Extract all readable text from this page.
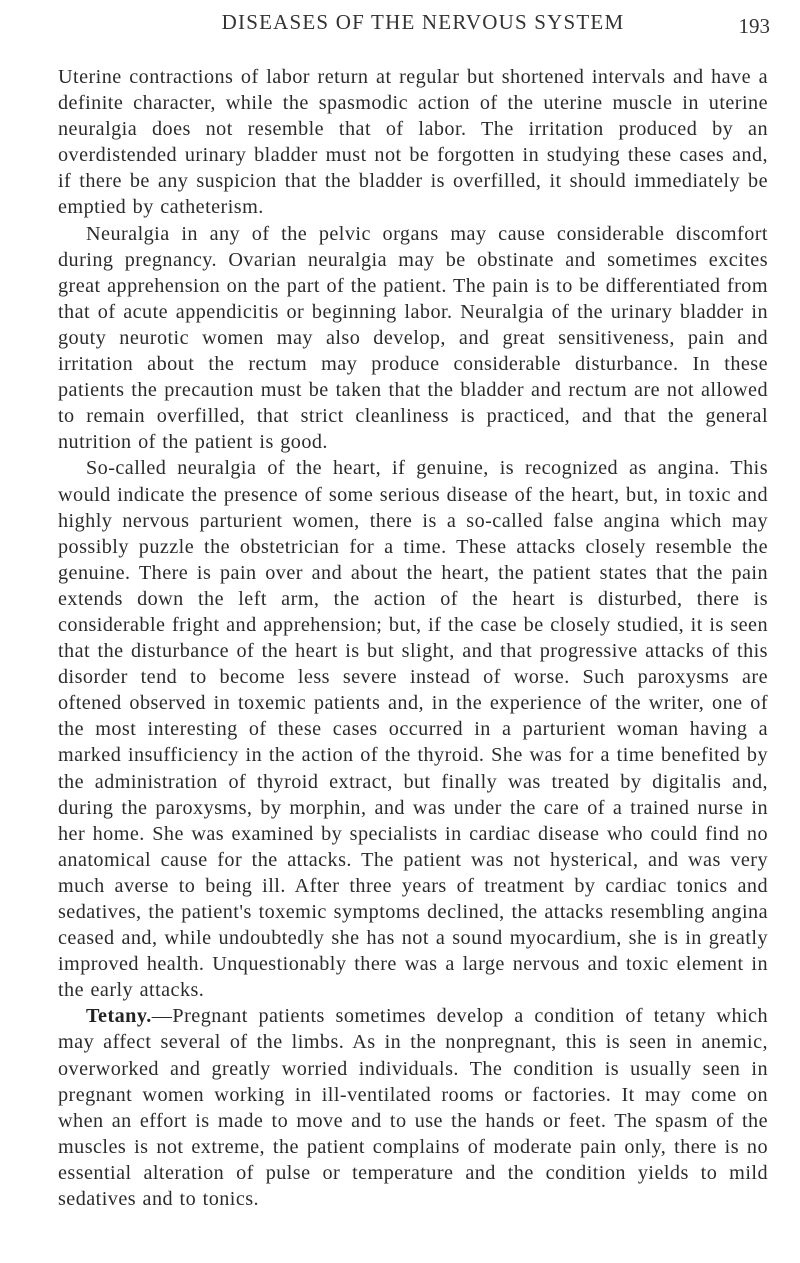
DISEASES OF THE NERVOUS SYSTEM	193

Uterine contractions of labor return at regular but shortened intervals and have a definite character, while the spasmodic action of the uterine muscle in uterine neuralgia does not resemble that of labor. The irritation produced by an overdistended urinary bladder must not be forgotten in studying these cases and, if there be any suspicion that the bladder is overfilled, it should immediately be emptied by catheterism.

Neuralgia in any of the pelvic organs may cause considerable discomfort during pregnancy. Ovarian neuralgia may be obstinate and sometimes excites great apprehension on the part of the patient. The pain is to be differentiated from that of acute appendicitis or beginning labor. Neuralgia of the urinary bladder in gouty neurotic women may also develop, and great sensitiveness, pain and irritation about the rectum may produce considerable disturbance. In these patients the precaution must be taken that the bladder and rectum are not allowed to remain overfilled, that strict cleanliness is practiced, and that the general nutrition of the patient is good.

So-called neuralgia of the heart, if genuine, is recognized as angina. This would indicate the presence of some serious disease of the heart, but, in toxic and highly nervous parturient women, there is a so-called false angina which may possibly puzzle the obstetrician for a time. These attacks closely resemble the genuine. There is pain over and about the heart, the patient states that the pain extends down the left arm, the action of the heart is disturbed, there is considerable fright and apprehension; but, if the case be closely studied, it is seen that the disturbance of the heart is but slight, and that progressive attacks of this disorder tend to become less severe instead of worse. Such paroxysms are oftened observed in toxemic patients and, in the experience of the writer, one of the most interesting of these cases occurred in a parturient woman having a marked insufficiency in the action of the thyroid. She was for a time benefited by the administration of thyroid extract, but finally was treated by digitalis and, during the paroxysms, by morphin, and was under the care of a trained nurse in her home. She was examined by specialists in cardiac disease who could find no anatomical cause for the attacks. The patient was not hysterical, and was very much averse to being ill. After three years of treatment by cardiac tonics and sedatives, the patient's toxemic symptoms declined, the attacks resembling angina ceased and, while undoubtedly she has not a sound myocardium, she is in greatly improved health. Unquestionably there was a large nervous and toxic element in the early attacks.

Tetany.—Pregnant patients sometimes develop a condition of tetany which may affect several of the limbs. As in the nonpregnant, this is seen in anemic, overworked and greatly worried individuals. The condition is usually seen in pregnant women working in ill-ventilated rooms or factories. It may come on when an effort is made to move and to use the hands or feet. The spasm of the muscles is not extreme, the patient complains of moderate pain only, there is no essential alteration of pulse or temperature and the condition yields to mild sedatives and to tonics.
